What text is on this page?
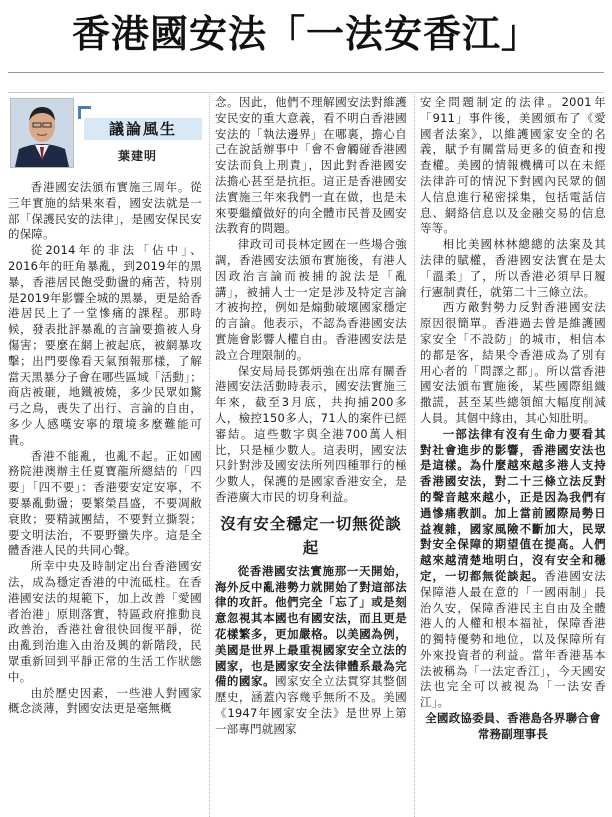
香港國安法「一法安香江」
議論風生
葉建明

香港國安法頒布實施三周年。從三年實施的結果來看，國安法就是一部「保護民安的法律」，是國安保民安的保障。

從2014年的非法「佔中」、2016年的旺角暴亂，到2019年的黑暴，香港居民飽受動盪的痛苦，特別是2019年影響全城的黑暴，更是給香港居民上了一堂慘痛的課程。那時候，發表批評暴亂的言論要擔被人身傷害；要麼在網上被起底，被網暴攻擊；出門要像看天氣預報那樣，了解當天黑暴分子會在哪些區域「活動」；商店被砸，地鐵被燒，多少民眾如驚弓之鳥，喪失了出行、言論的自由，多少人感嘆安寧的環境多麼難能可貴。

香港不能亂，也亂不起。正如國務院港澳辦主任夏寶龍所總結的「四要」「四不要」：香港要安定安寧，不要暴亂動盪；要繁榮昌盛，不要凋敝衰敗；要精誠團結，不要對立撕裂；要文明法治，不要野蠻失序。這是全體香港人民的共同心聲。

所幸中央及時制定出台香港國安法，成為穩定香港的中流砥柱。在香港國安法的規範下，加上改善「愛國者治港」原則落實，特區政府推動良政善治，香港社會很快回復平靜，從由亂到治進入由治及興的新階段，民眾重新回到平靜正常的生活工作狀態中。

由於歷史因素，一些港人對國家概念淡薄，對國安法更是毫無概

念。因此，他們不理解國安法對維護安民安的重大意義，看不明白香港國安法的「執法邊界」在哪裏，擔心自己在說話辦事中「會不會觸碰香港國安法而負上刑責」，因此對香港國安法擔心甚至是抗拒。這正是香港國安法實施三年來我們一直在做，也是未來要繼續做好的向全體市民普及國安法教育的問題。

律政司司長林定國在一些場合強調，香港國安法頒布實施後，有港人因政治言論而被捕的說法是「亂講」，被捕人士一定是涉及特定言論才被拘控，例如是煽動破壞國家穩定的言論。他表示，不認為香港國安法實施會影響人權自由。香港國安法是設立合理限制的。

保安局局長鄧炳強在出席有關香港國安法活動時表示，國安法實施三年來，截至3月底，共拘捕200多人，檢控150多人，71人的案件已經審結。這些數字與全港700萬人相比，只是極少數人。這表明，國安法只針對涉及國安法所列四種罪行的極少數人，保護的是國家香港安全，是香港廣大市民的切身利益。

沒有安全穩定一切無從談起

從香港國安法實施那一天開始，海外反中亂港勢力就開始了對這部法律的攻訐。他們完全「忘了」或是刻意忽視其本國也有國安法，而且更是花樣繁多，更加嚴格。以美國為例，美國是世界上最重視國家安全立法的國家，也是國家安全法律體系最為完備的國家。國家安全立法貫穿其整個歷史，涵蓋內容幾乎無所不及。美國《1947年國家安全法》是世界上第一部專門就國家

安全問題制定的法律。2001年「911」事件後，美國頒布了《愛國者法案》，以維護國家安全的名義，賦予有關當局更多的偵查和搜查權。美國的情報機構可以在未經法律許可的情況下對國內民眾的個人信息進行秘密採集，包括電話信息、網絡信息以及金融交易的信息等等。

相比美國林林總總的法案及其法律的賦權，香港國安法實在是太「溫柔」了，所以香港必須早日履行憲制責任，就第二十三條立法。

西方敵對勢力反對香港國安法原因很簡單。香港過去曾是維護國家安全「不設防」的城市，相信本的都是客，結果令香港成為了別有用心者的「問譯之都」。所以當香港國安法頒布實施後，某些國際組織撒謊，甚至某些總領館大幅度削減人員。其個中緣由，其心知肚明。

一部法律有沒有生命力要看其對社會進步的影響，香港國安法也是這樣。為什麼越來越多港人支持香港國安法，對二十三條立法反對的聲音越來越小，正是因為我們有過慘痛教訓。加上當前國際局勢日益複雜，國家風險不斷加大，民眾對安全保障的期望值在提高。人們越來越清楚地明白，沒有安全和穩定，一切都無從談起。香港國安法保障港人最在意的「一國兩制」長治久安，保障香港民主自由及全體港人的人權和根本福祉，保障香港的獨特優勢和地位，以及保障所有外來投資者的利益。當年香港基本法被稱為「一法定香江」，今天國安法也完全可以被視為「一法安香江」。

全國政協委員、香港島各界聯合會常務副理事長
